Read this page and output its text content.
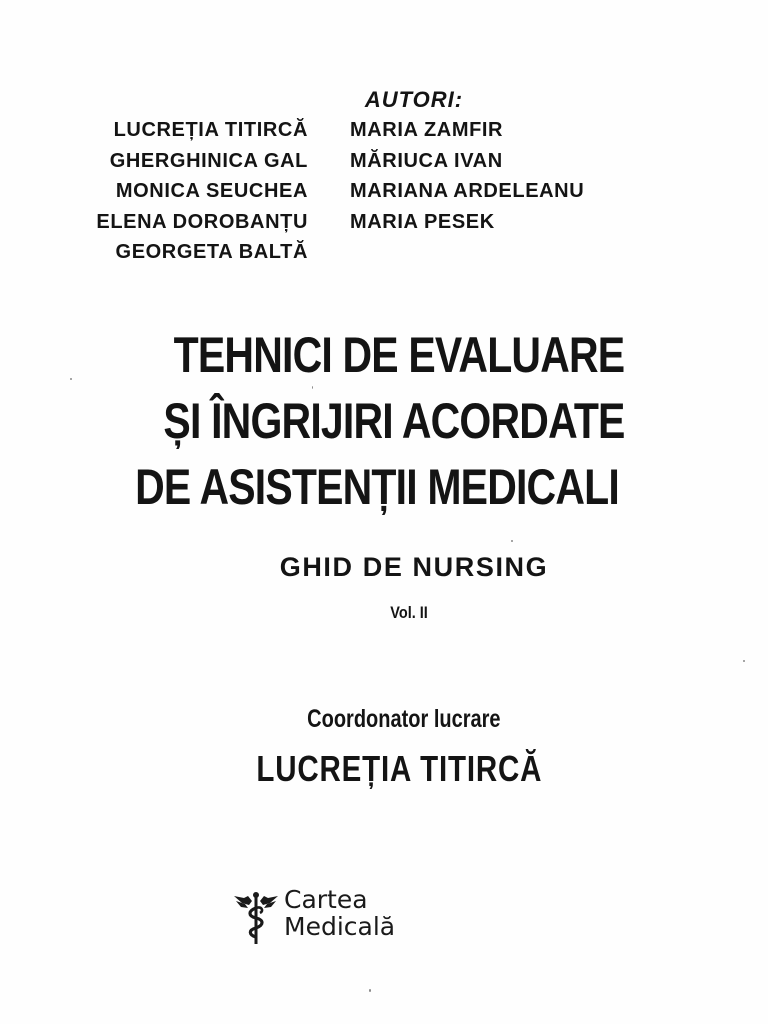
AUTORI:
LUCREȚIA TITIRCĂ
GHERGHINICA GAL
MONICA SEUCHEA
ELENA DOROBANȚU
GEORGETA BALTĂ
MARIA ZAMFIR
MĂRIUCA IVAN
MARIANA ARDELEANU
MARIA PESEK
TEHNICI DE EVALUARE
ȘI ÎNGRIJIRI ACORDATE
DE ASISTENȚII MEDICALI
GHID DE NURSING
Vol. II
Coordonator lucrare
LUCREȚIA TITIRCĂ
Cartea
Medicală
